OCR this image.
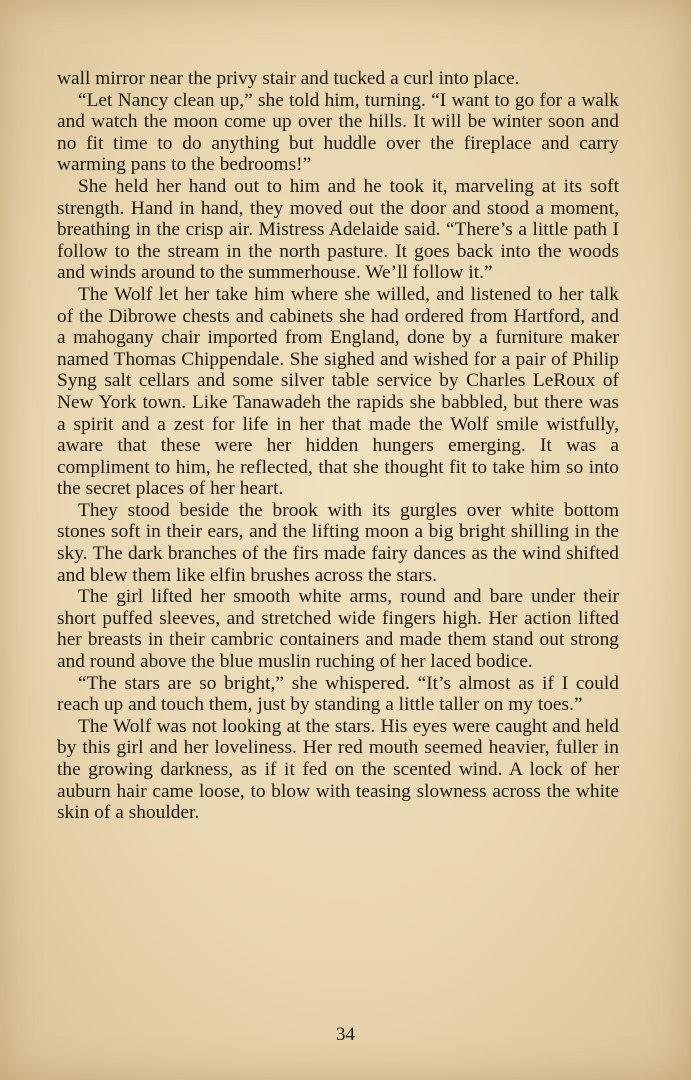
wall mirror near the privy stair and tucked a curl into place.

“Let Nancy clean up,” she told him, turning. “I want to go for a walk and watch the moon come up over the hills. It will be winter soon and no fit time to do anything but huddle over the fireplace and carry warming pans to the bedrooms!”

She held her hand out to him and he took it, marveling at its soft strength. Hand in hand, they moved out the door and stood a moment, breathing in the crisp air. Mistress Adelaide said. “There’s a little path I follow to the stream in the north pasture. It goes back into the woods and winds around to the summerhouse. We’ll follow it.”

The Wolf let her take him where she willed, and listened to her talk of the Dibrowe chests and cabinets she had ordered from Hartford, and a mahogany chair imported from England, done by a furniture maker named Thomas Chippendale. She sighed and wished for a pair of Philip Syng salt cellars and some silver table service by Charles LeRoux of New York town. Like Tanawadeh the rapids she babbled, but there was a spirit and a zest for life in her that made the Wolf smile wistfully, aware that these were her hidden hungers emerging. It was a compliment to him, he reflected, that she thought fit to take him so into the secret places of her heart.

They stood beside the brook with its gurgles over white bottom stones soft in their ears, and the lifting moon a big bright shilling in the sky. The dark branches of the firs made fairy dances as the wind shifted and blew them like elfin brushes across the stars.

The girl lifted her smooth white arms, round and bare under their short puffed sleeves, and stretched wide fingers high. Her action lifted her breasts in their cambric containers and made them stand out strong and round above the blue muslin ruching of her laced bodice.

“The stars are so bright,” she whispered. “It’s almost as if I could reach up and touch them, just by standing a little taller on my toes.”

The Wolf was not looking at the stars. His eyes were caught and held by this girl and her loveliness. Her red mouth seemed heavier, fuller in the growing darkness, as if it fed on the scented wind. A lock of her auburn hair came loose, to blow with teasing slowness across the white skin of a shoulder.

34
